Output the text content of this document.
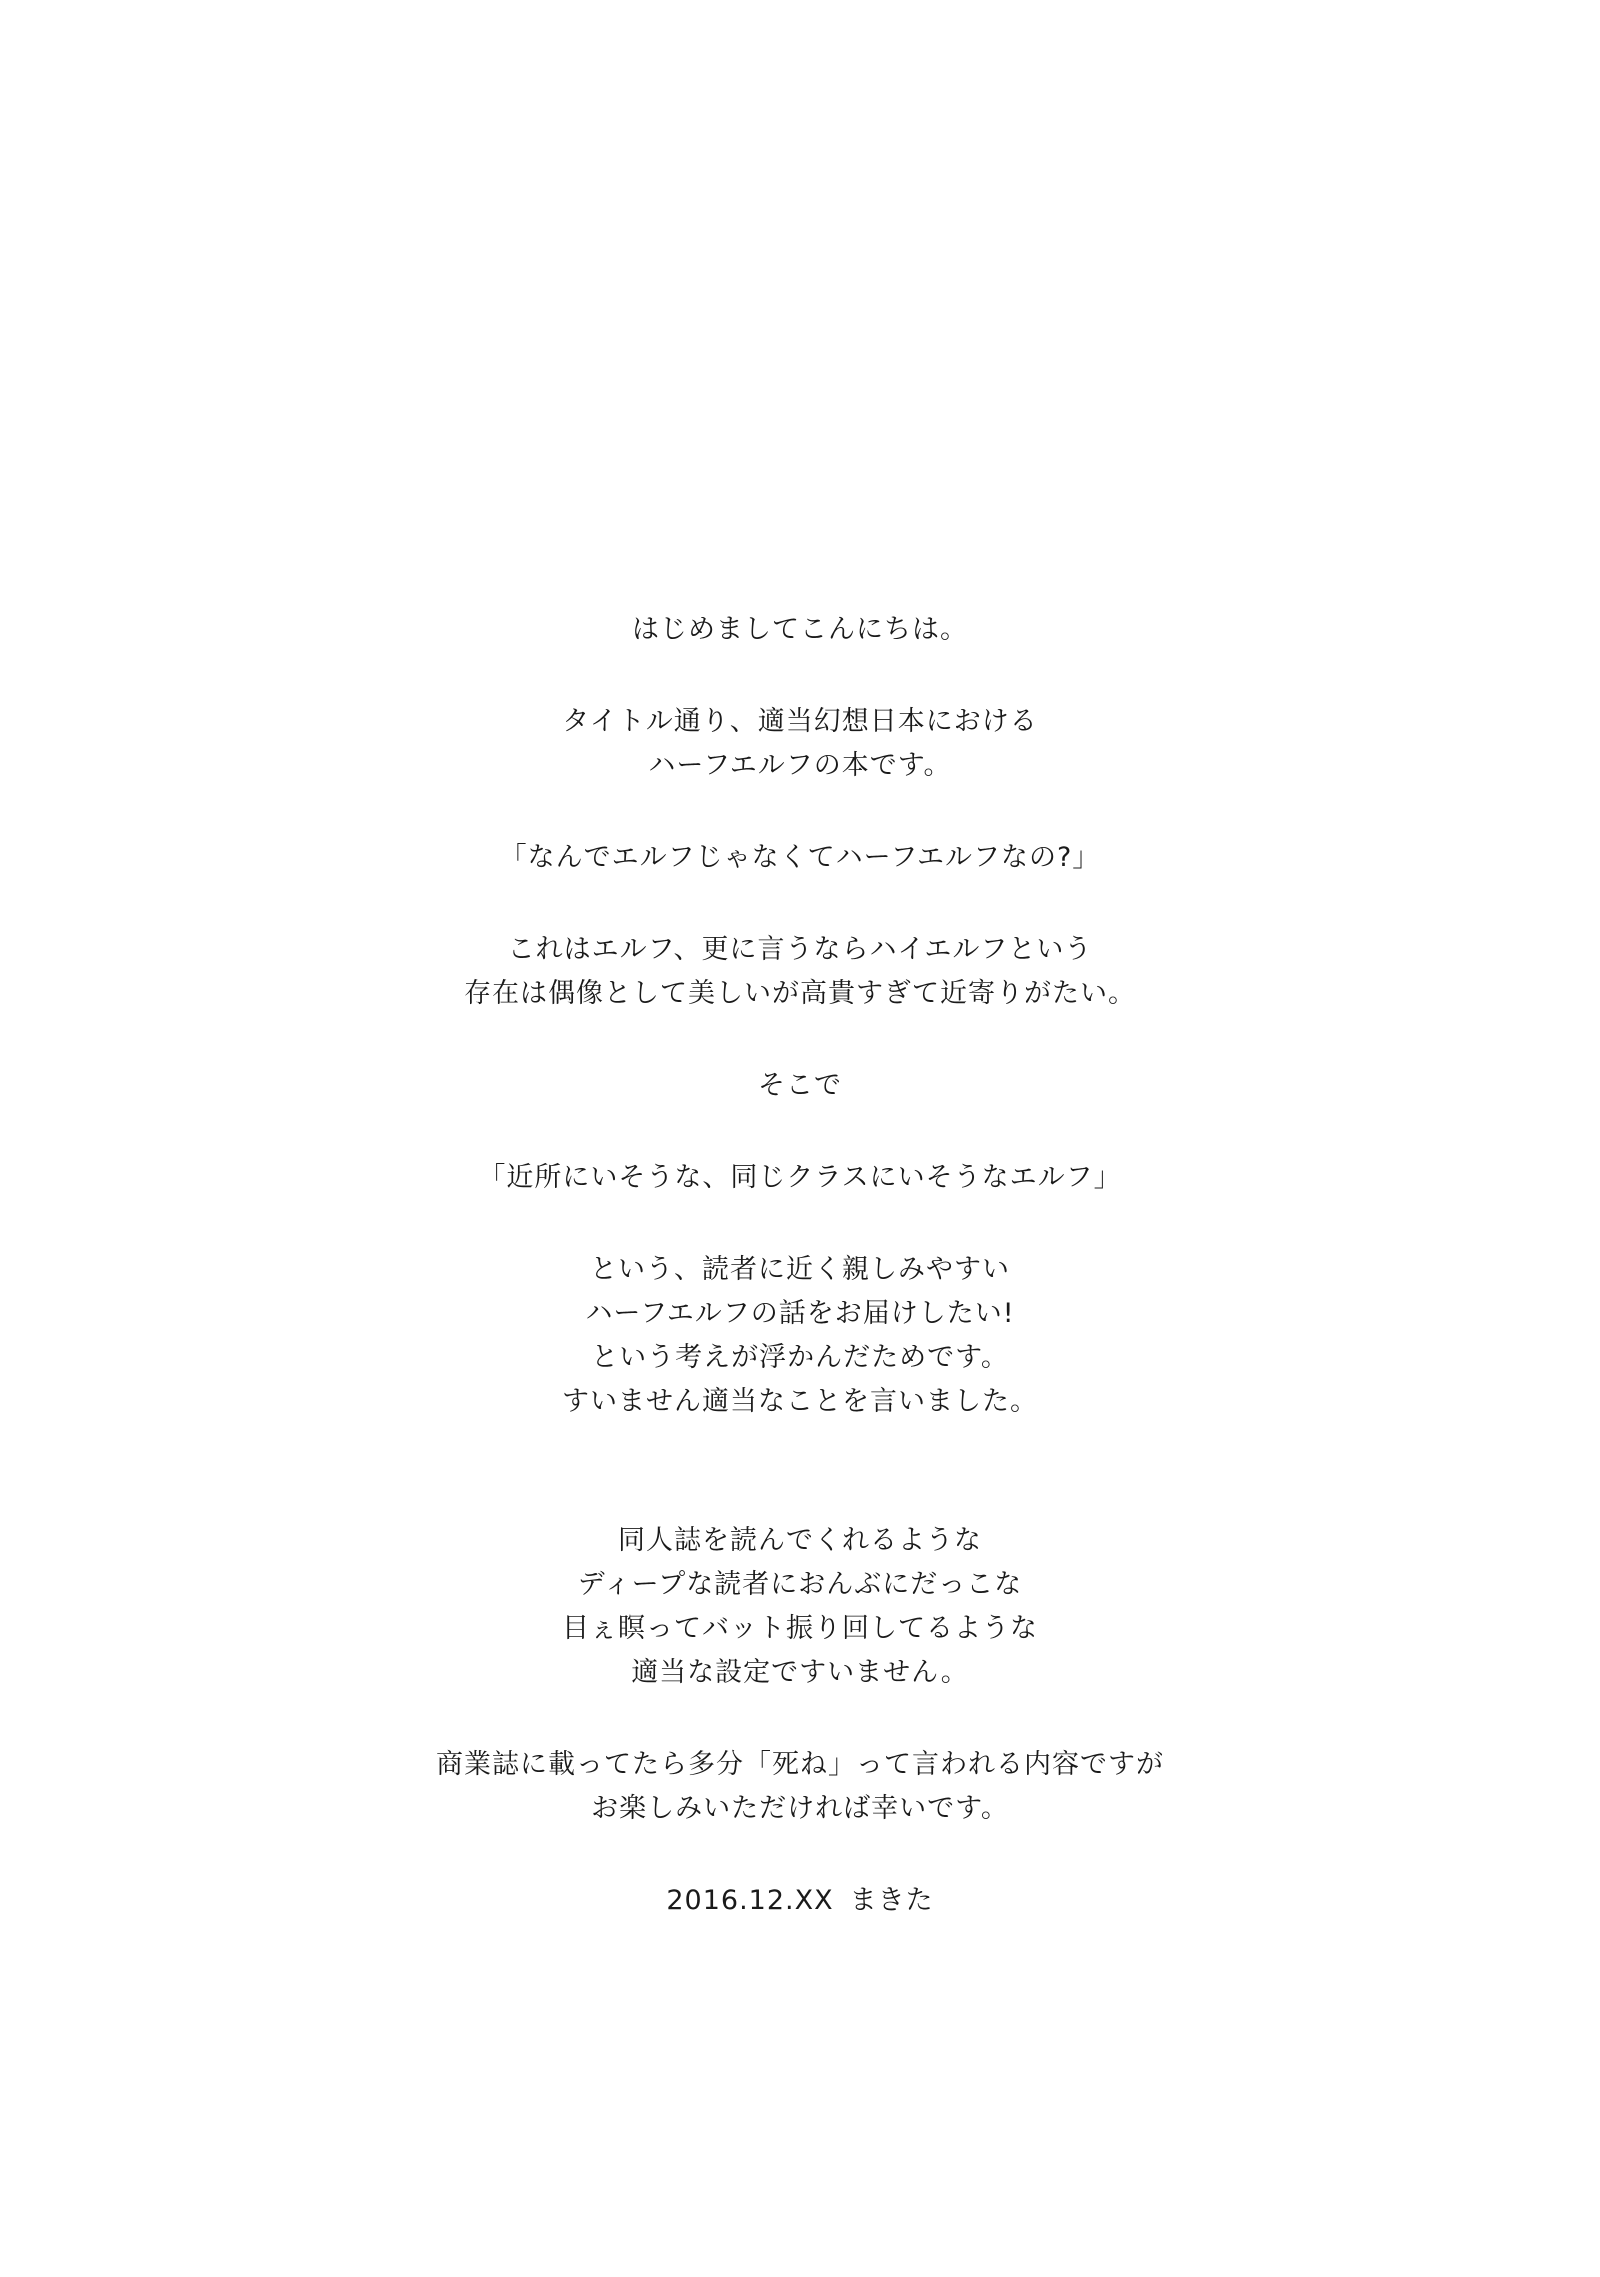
はじめましてこんにちは。
タイトル通り、適当幻想日本における
ハーフエルフの本です。
「なんでエルフじゃなくてハーフエルフなの?」
これはエルフ、更に言うならハイエルフという
存在は偶像として美しいが高貴すぎて近寄りがたい。
そこで
「近所にいそうな、同じクラスにいそうなエルフ」
という、読者に近く親しみやすい
ハーフエルフの話をお届けしたい!
という考えが浮かんだためです。
すいません適当なことを言いました。
同人誌を読んでくれるような
ディープな読者におんぶにだっこな
目ぇ瞑ってバット振り回してるような
適当な設定ですいません。
商業誌に載ってたら多分「死ね」って言われる内容ですが
お楽しみいただければ幸いです。
2016.12.XX まきた
